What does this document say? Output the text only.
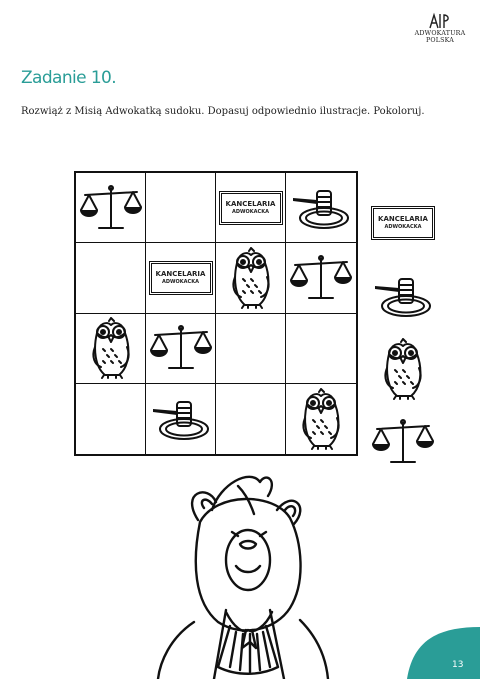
ADWOKATURA
POLSKA
Zadanie 10.

Rozwiąż z Misią Adwokatką sudoku. Dopasuj odpowiednio ilustracje. Pokoloruj.

KANCELARIA
ADWOKACKA
KANCELARIA
ADWOKACKA
KANCELARIA
ADWOKACKA
13
